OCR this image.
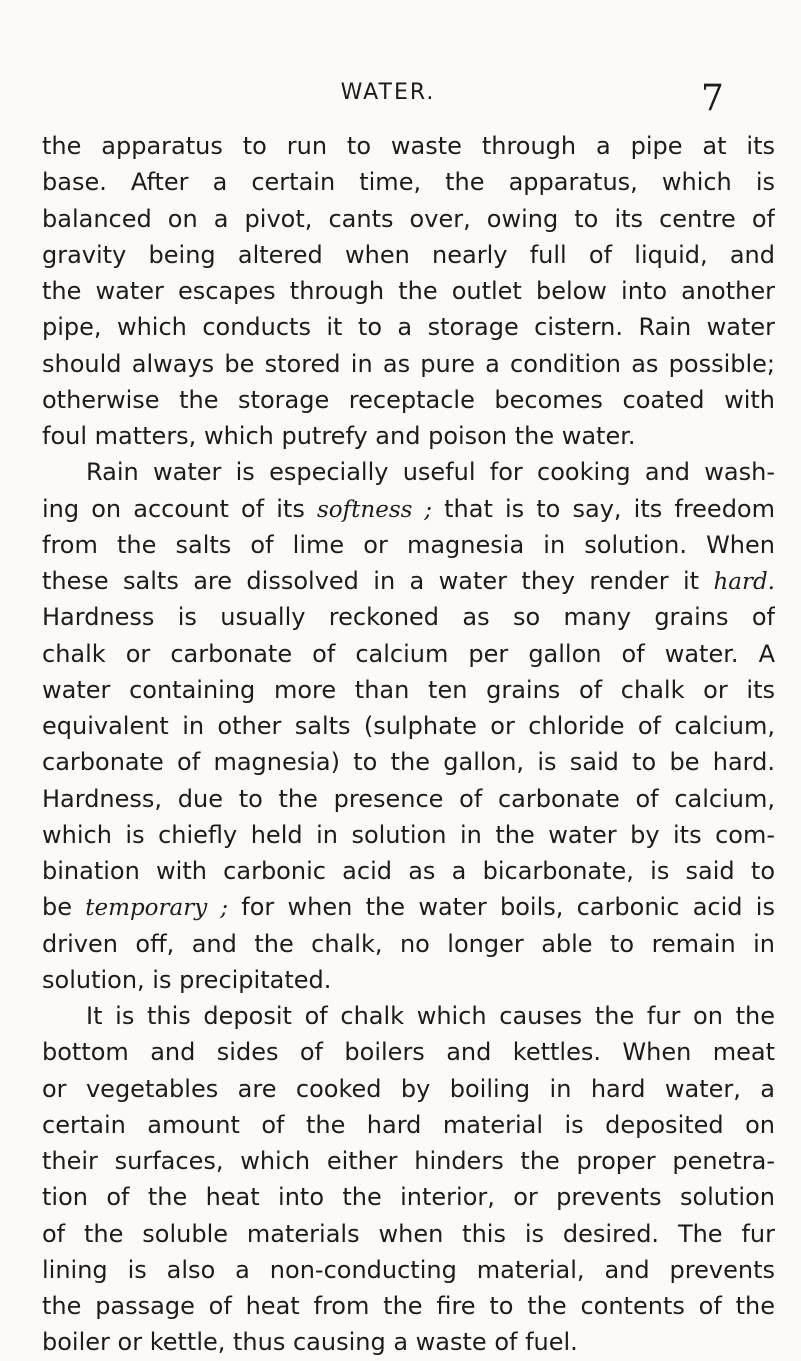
WATER.	7
the apparatus to run to waste through a pipe at its
base. After a certain time, the apparatus, which is
balanced on a pivot, cants over, owing to its centre of
gravity being altered when nearly full of liquid, and
the water escapes through the outlet below into another
pipe, which conducts it to a storage cistern. Rain water
should always be stored in as pure a condition as possible;
otherwise the storage receptacle becomes coated with
foul matters, which putrefy and poison the water.
Rain water is especially useful for cooking and wash-
ing on account of its softness ; that is to say, its freedom
from the salts of lime or magnesia in solution. When
these salts are dissolved in a water they render it hard.
Hardness is usually reckoned as so many grains of
chalk or carbonate of calcium per gallon of water. A
water containing more than ten grains of chalk or its
equivalent in other salts (sulphate or chloride of calcium,
carbonate of magnesia) to the gallon, is said to be hard.
Hardness, due to the presence of carbonate of calcium,
which is chiefly held in solution in the water by its com-
bination with carbonic acid as a bicarbonate, is said to
be temporary ; for when the water boils, carbonic acid is
driven off, and the chalk, no longer able to remain in
solution, is precipitated.
It is this deposit of chalk which causes the fur on the
bottom and sides of boilers and kettles. When meat
or vegetables are cooked by boiling in hard water, a
certain amount of the hard material is deposited on
their surfaces, which either hinders the proper penetra-
tion of the heat into the interior, or prevents solution
of the soluble materials when this is desired. The fur
lining is also a non-conducting material, and prevents
the passage of heat from the fire to the contents of the
boiler or kettle, thus causing a waste of fuel.
